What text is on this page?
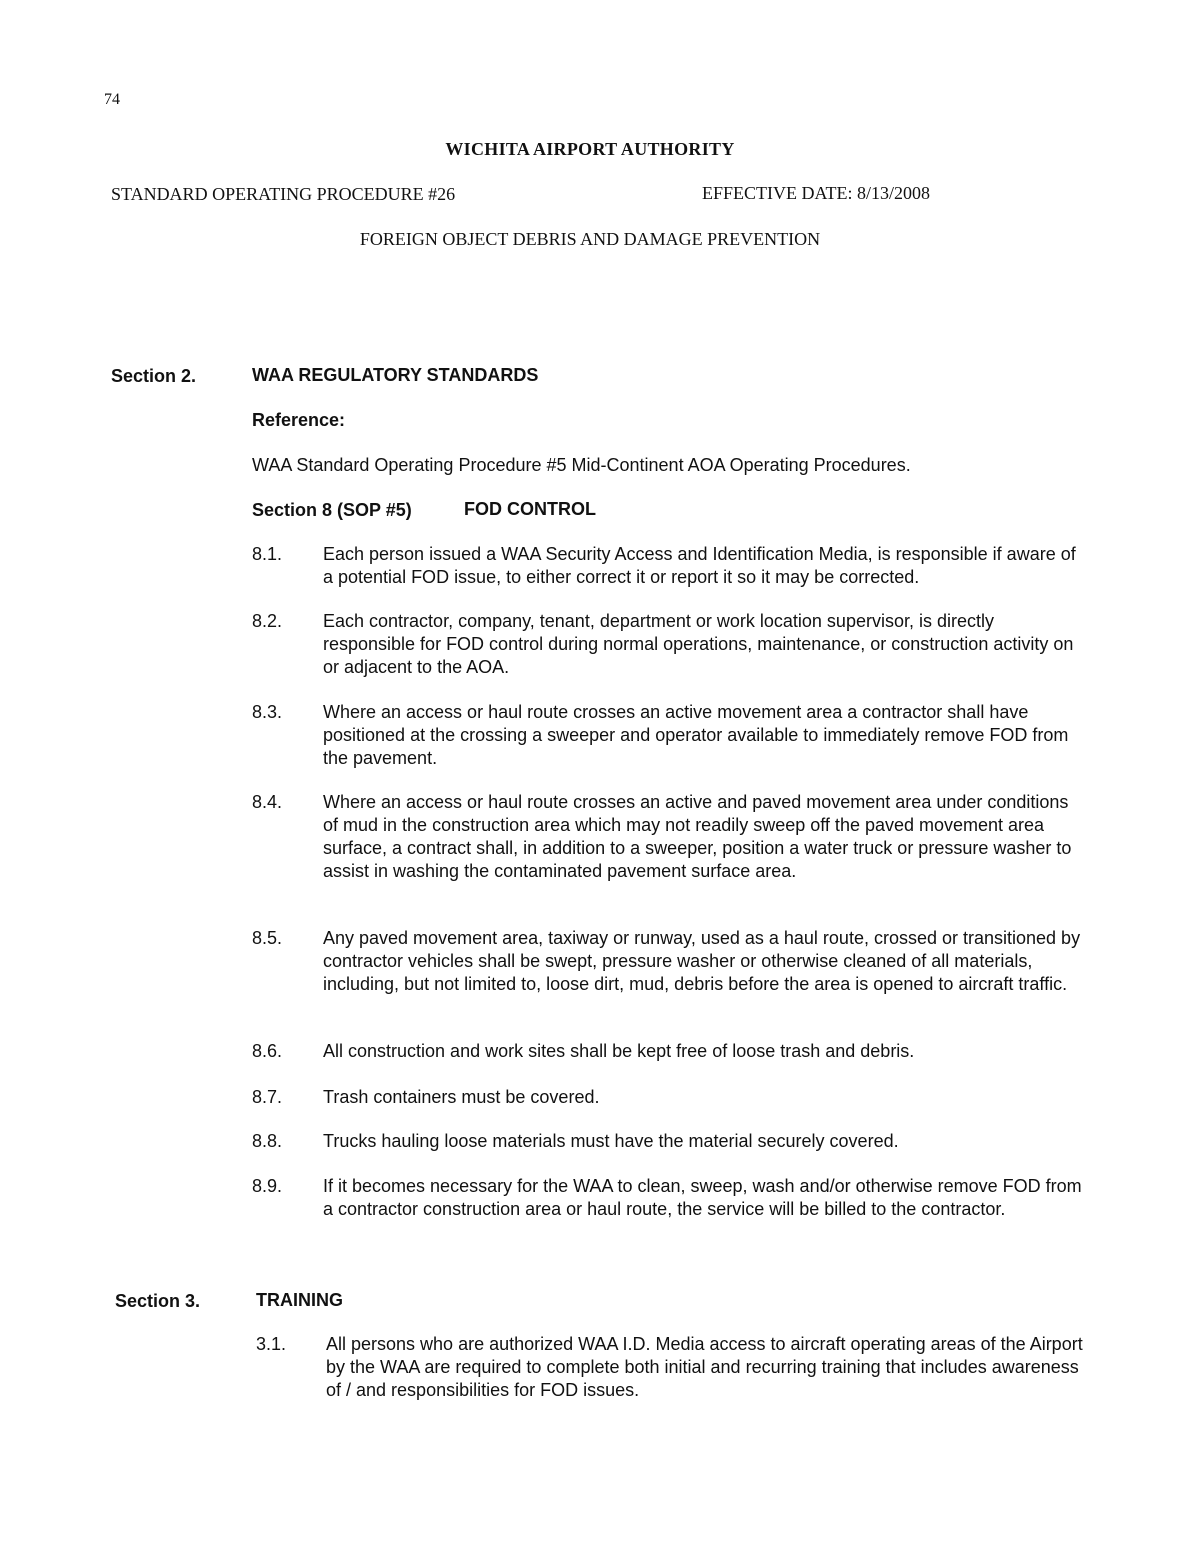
74
WICHITA AIRPORT AUTHORITY
STANDARD OPERATING PROCEDURE #26	EFFECTIVE DATE: 8/13/2008
FOREIGN OBJECT DEBRIS AND DAMAGE PREVENTION
Section 2.	WAA REGULATORY STANDARDS
Reference:
WAA Standard Operating Procedure #5 Mid-Continent AOA Operating Procedures.
Section 8 (SOP #5)	FOD CONTROL
8.1. Each person issued a WAA Security Access and Identification Media, is responsible if aware of a potential FOD issue, to either correct it or report it so it may be corrected.
8.2. Each contractor, company, tenant, department or work location supervisor, is directly responsible for FOD control during normal operations, maintenance, or construction activity on or adjacent to the AOA.
8.3. Where an access or haul route crosses an active movement area a contractor shall have positioned at the crossing a sweeper and operator available to immediately remove FOD from the pavement.
8.4. Where an access or haul route crosses an active and paved movement area under conditions of mud in the construction area which may not readily sweep off the paved movement area surface, a contract shall, in addition to a sweeper, position a water truck or pressure washer to assist in washing the contaminated pavement surface area.
8.5. Any paved movement area, taxiway or runway, used as a haul route, crossed or transitioned by contractor vehicles shall be swept, pressure washer or otherwise cleaned of all materials, including, but not limited to, loose dirt, mud, debris before the area is opened to aircraft traffic.
8.6. All construction and work sites shall be kept free of loose trash and debris.
8.7. Trash containers must be covered.
8.8. Trucks hauling loose materials must have the material securely covered.
8.9. If it becomes necessary for the WAA to clean, sweep, wash and/or otherwise remove FOD from a contractor construction area or haul route, the service will be billed to the contractor.
Section 3.	TRAINING
3.1. All persons who are authorized WAA I.D. Media access to aircraft operating areas of the Airport by the WAA are required to complete both initial and recurring training that includes awareness of / and responsibilities for FOD issues.
